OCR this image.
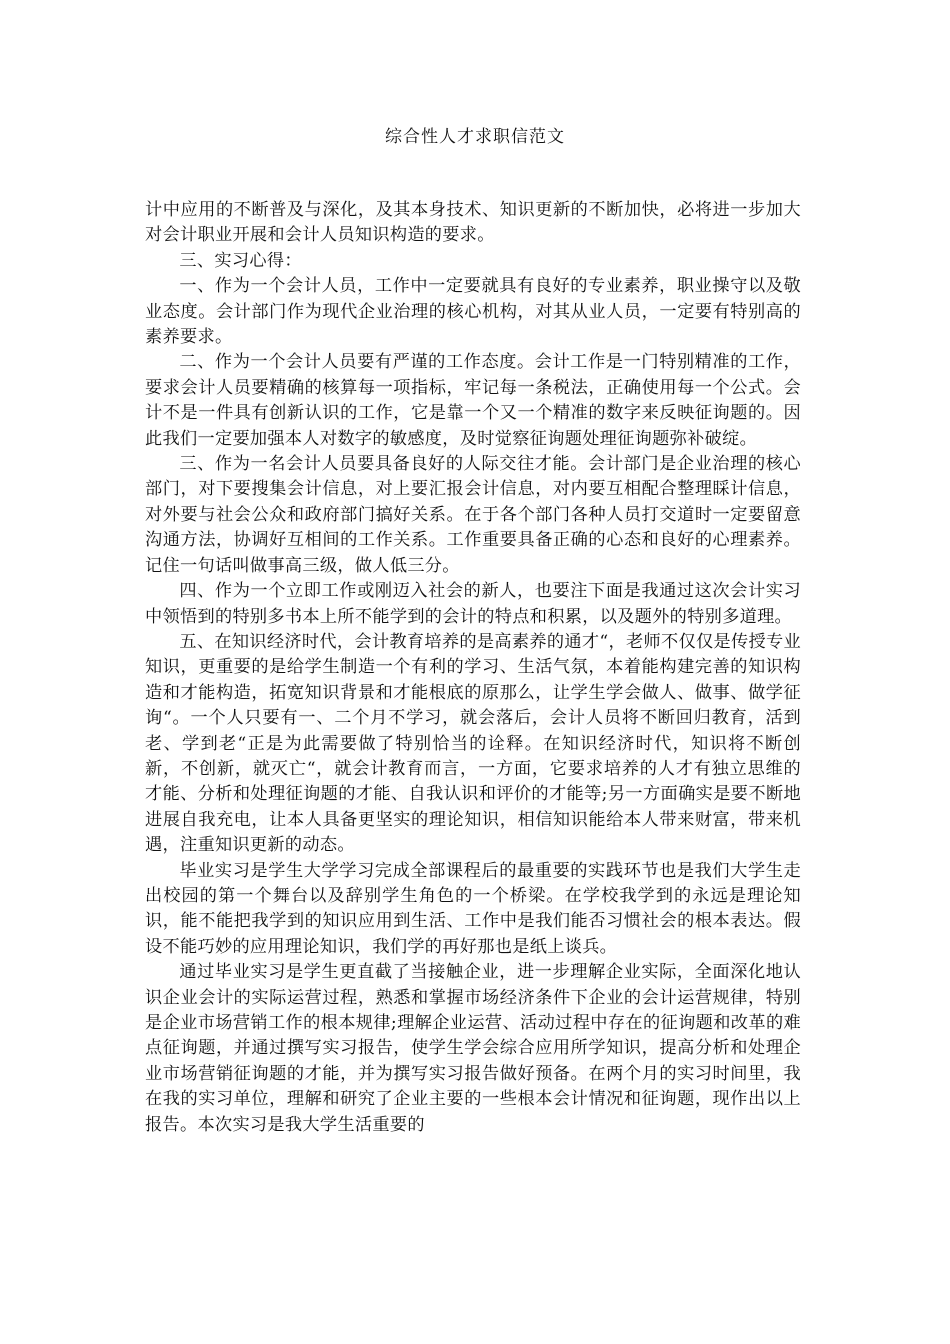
综合性人才求职信范文

计中应用的不断普及与深化，及其本身技术、知识更新的不断加快，必将进一步加大对会计职业开展和会计人员知识构造的要求。

三、实习心得：

一、作为一个会计人员，工作中一定要就具有良好的专业素养，职业操守以及敬业态度。会计部门作为现代企业治理的核心机构，对其从业人员，一定要有特别高的素养要求。

二、作为一个会计人员要有严谨的工作态度。会计工作是一门特别精准的工作，要求会计人员要精确的核算每一项指标，牢记每一条税法，正确使用每一个公式。会计不是一件具有创新认识的工作，它是靠一个又一个精准的数字来反映征询题的。因此我们一定要加强本人对数字的敏感度，及时觉察征询题处理征询题弥补破绽。

三、作为一名会计人员要具备良好的人际交往才能。会计部门是企业治理的核心部门，对下要搜集会计信息，对上要汇报会计信息，对内要互相配合整理睬计信息，对外要与社会公众和政府部门搞好关系。在于各个部门各种人员打交道时一定要留意沟通方法，协调好互相间的工作关系。工作重要具备正确的心态和良好的心理素养。记住一句话叫做事高三级，做人低三分。

四、作为一个立即工作或刚迈入社会的新人，也要注下面是我通过这次会计实习中领悟到的特别多书本上所不能学到的会计的特点和积累，以及题外的特别多道理。

五、在知识经济时代，会计教育培养的是高素养的通才“，老师不仅仅是传授专业知识，更重要的是给学生制造一个有利的学习、生活气氛，本着能构建完善的知识构造和才能构造，拓宽知识背景和才能根底的原那么，让学生学会做人、做事、做学征询“。一个人只要有一、二个月不学习，就会落后，会计人员将不断回归教育，活到老、学到老“正是为此需要做了特别恰当的诠释。在知识经济时代，知识将不断创新，不创新，就灭亡“，就会计教育而言，一方面，它要求培养的人才有独立思维的才能、分析和处理征询题的才能、自我认识和评价的才能等;另一方面确实是要不断地进展自我充电，让本人具备更坚实的理论知识，相信知识能给本人带来财富，带来机遇，注重知识更新的动态。

毕业实习是学生大学学习完成全部课程后的最重要的实践环节也是我们大学生走出校园的第一个舞台以及辞别学生角色的一个桥梁。在学校我学到的永远是理论知识，能不能把我学到的知识应用到生活、工作中是我们能否习惯社会的根本表达。假设不能巧妙的应用理论知识，我们学的再好那也是纸上谈兵。

通过毕业实习是学生更直截了当接触企业，进一步理解企业实际，全面深化地认识企业会计的实际运营过程，熟悉和掌握市场经济条件下企业的会计运营规律，特别是企业市场营销工作的根本规律;理解企业运营、活动过程中存在的征询题和改革的难点征询题，并通过撰写实习报告，使学生学会综合应用所学知识，提高分析和处理企业市场营销征询题的才能，并为撰写实习报告做好预备。在两个月的实习时间里，我在我的实习单位，理解和研究了企业主要的一些根本会计情况和征询题，现作出以上报告。本次实习是我大学生活重要的
